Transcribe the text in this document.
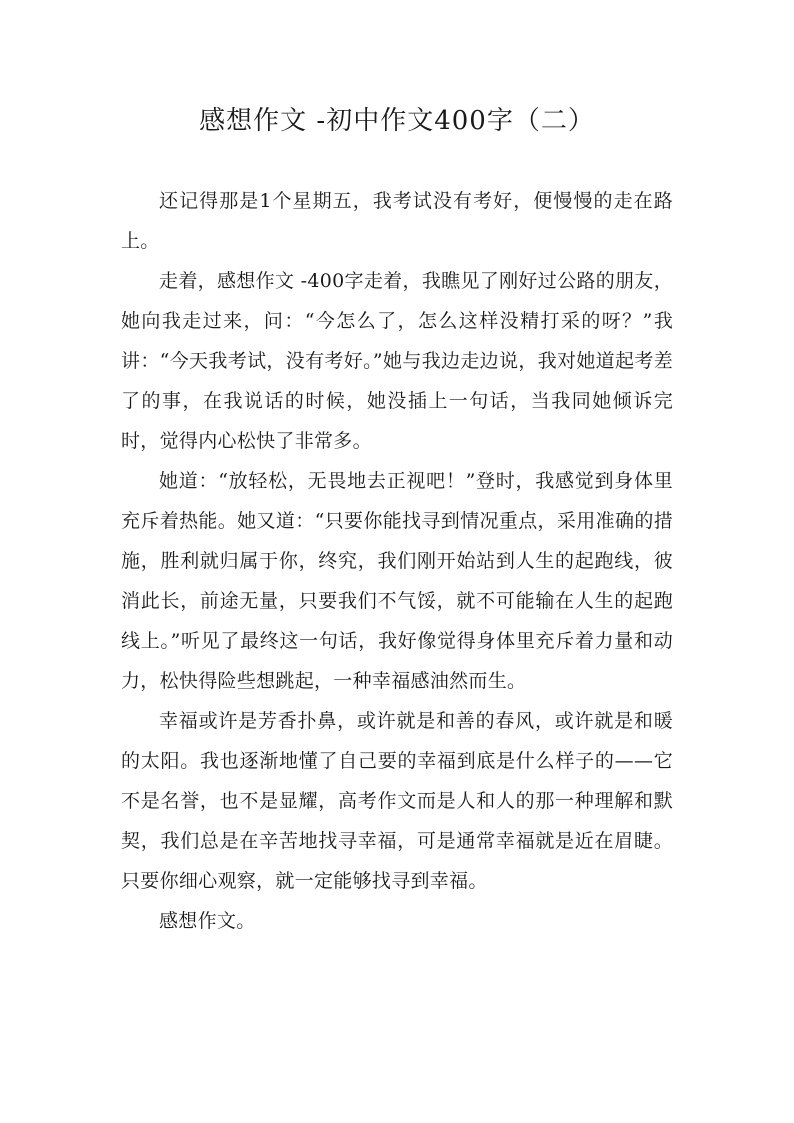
感想作文 -初中作文400字（二）

还记得那是1个星期五，我考试没有考好，便慢慢的走在路上。

走着，感想作文 -400字走着，我瞧见了刚好过公路的朋友，她向我走过来，问：“今怎么了，怎么这样没精打采的呀？”我讲：“今天我考试，没有考好。”她与我边走边说，我对她道起考差了的事，在我说话的时候，她没插上一句话，当我同她倾诉完时，觉得内心松快了非常多。

她道：“放轻松，无畏地去正视吧！”登时，我感觉到身体里充斥着热能。她又道：“只要你能找寻到情况重点，采用准确的措施，胜利就归属于你，终究，我们刚开始站到人生的起跑线，彼消此长，前途无量，只要我们不气馁，就不可能输在人生的起跑线上。”听见了最终这一句话，我好像觉得身体里充斥着力量和动力，松快得险些想跳起，一种幸福感油然而生。

幸福或许是芳香扑鼻，或许就是和善的春风，或许就是和暖的太阳。我也逐渐地懂了自己要的幸福到底是什么样子的——它不是名誉，也不是显耀，高考作文而是人和人的那一种理解和默契，我们总是在辛苦地找寻幸福，可是通常幸福就是近在眉睫。只要你细心观察，就一定能够找寻到幸福。

感想作文。
